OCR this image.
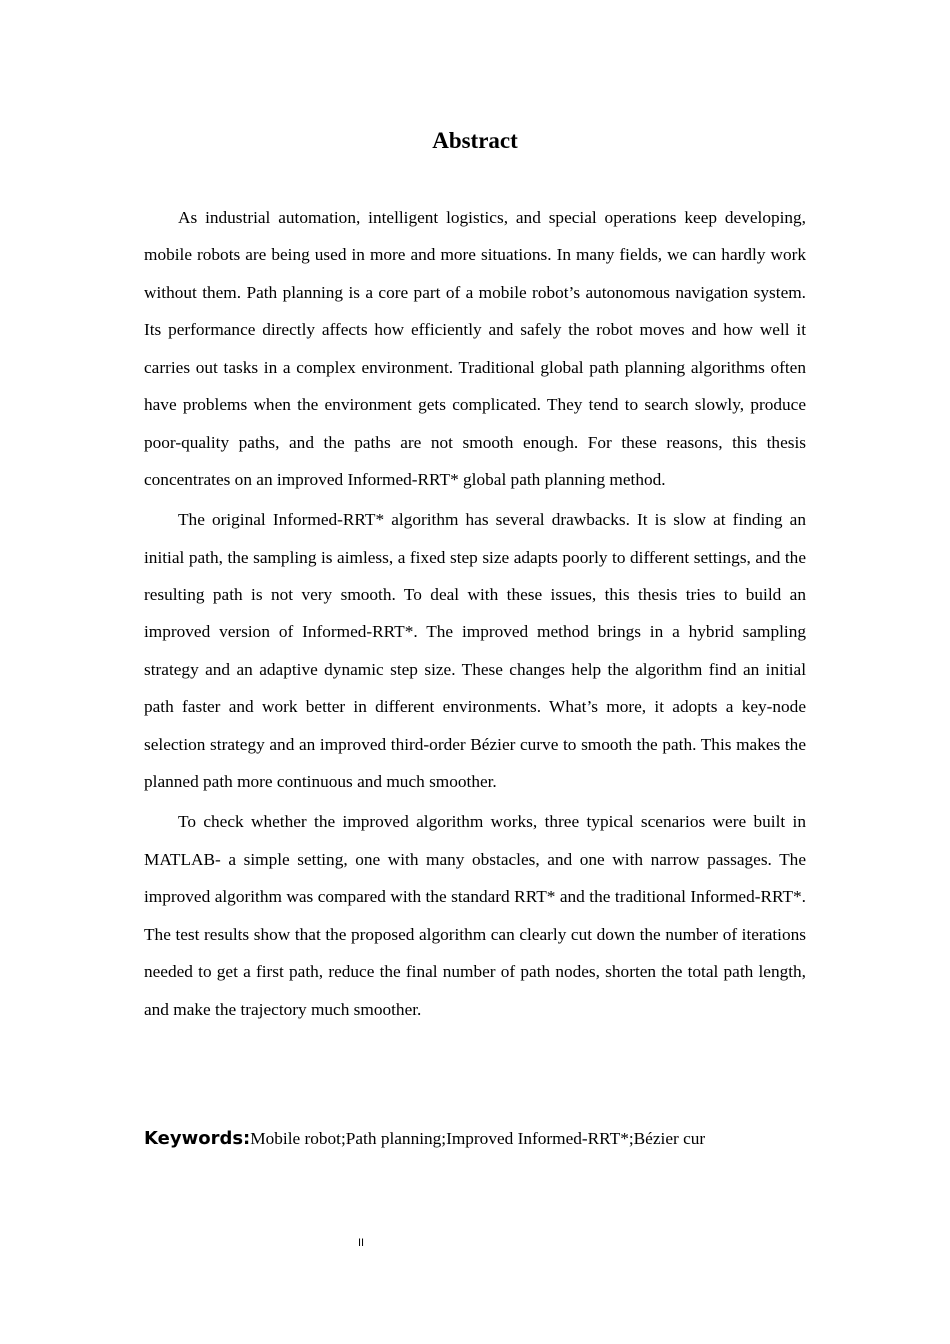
Abstract

As industrial automation, intelligent logistics, and special operations keep developing, mobile robots are being used in more and more situations. In many fields, we can hardly work without them. Path planning is a core part of a mobile robot’s autonomous navigation system. Its performance directly affects how efficiently and safely the robot moves and how well it carries out tasks in a complex environment. Traditional global path planning algorithms often have problems when the environment gets complicated. They tend to search slowly, produce poor-quality paths, and the paths are not smooth enough. For these reasons, this thesis concentrates on an improved Informed-RRT* global path planning method.

The original Informed-RRT* algorithm has several drawbacks. It is slow at finding an initial path, the sampling is aimless, a fixed step size adapts poorly to different settings, and the resulting path is not very smooth. To deal with these issues, this thesis tries to build an improved version of Informed-RRT*. The improved method brings in a hybrid sampling strategy and an adaptive dynamic step size. These changes help the algorithm find an initial path faster and work better in different environments. What’s more, it adopts a key-node selection strategy and an improved third-order Bézier curve to smooth the path. This makes the planned path more continuous and much smoother.

To check whether the improved algorithm works, three typical scenarios were built in MATLAB- a simple setting, one with many obstacles, and one with narrow passages. The improved algorithm was compared with the standard RRT* and the traditional Informed-RRT*. The test results show that the proposed algorithm can clearly cut down the number of iterations needed to get a first path, reduce the final number of path nodes, shorten the total path length, and make the trajectory much smoother.

Keywords:Mobile robot;Path planning;Improved Informed-RRT*;Bézier cur
II
